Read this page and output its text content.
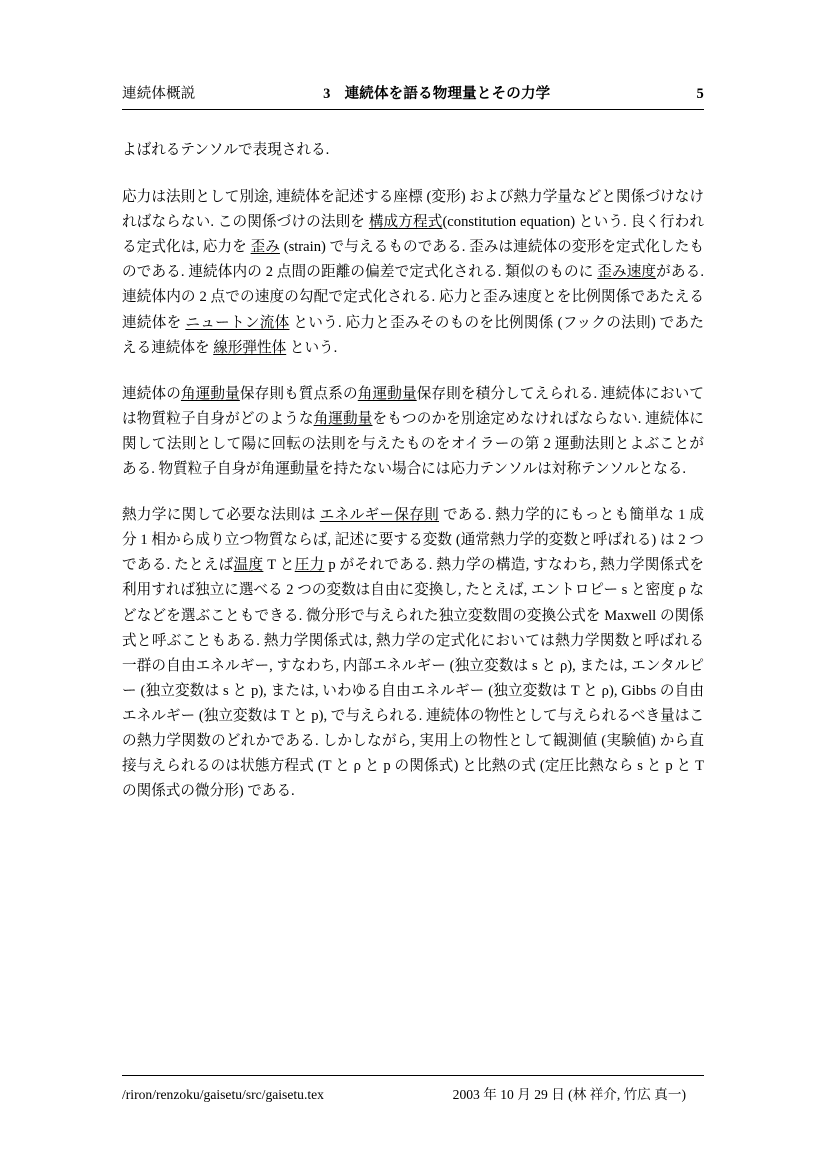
連続体概説	3 連続体を語る物理量とその力学	5

よばれるテンソルで表現される.

応力は法則として別途, 連続体を記述する座標 (変形) および熱力学量などと関係づけなければならない. この関係づけの法則を 構成方程式(constitution equation) という. 良く行われる定式化は, 応力を 歪み (strain) で与えるものである. 歪みは連続体の変形を定式化したものである. 連続体内の 2 点間の距離の偏差で定式化される. 類似のものに 歪み速度がある. 連続体内の 2 点での速度の勾配で定式化される. 応力と歪み速度とを比例関係であたえる連続体を ニュートン流体 という. 応力と歪みそのものを比例関係 (フックの法則) であたえる連続体を 線形弾性体 という.

連続体の角運動量保存則も質点系の角運動量保存則を積分してえられる. 連続体においては物質粒子自身がどのような角運動量をもつのかを別途定めなければならない. 連続体に関して法則として陽に回転の法則を与えたものをオイラーの第 2 運動法則とよぶことがある. 物質粒子自身が角運動量を持たない場合には応力テンソルは対称テンソルとなる.

熱力学に関して必要な法則は エネルギー保存則 である. 熱力学的にもっとも簡単な 1 成分 1 相から成り立つ物質ならば, 記述に要する変数 (通常熱力学的変数と呼ばれる) は 2 つである. たとえば温度 T と圧力 p がそれである. 熱力学の構造, すなわち, 熱力学関係式を利用すれば独立に選べる 2 つの変数は自由に変換し, たとえば, エントロピー s と密度 ρ などなどを選ぶこともできる. 微分形で与えられた独立変数間の変換公式を Maxwell の関係式と呼ぶこともある. 熱力学関係式は, 熱力学の定式化においては熱力学関数と呼ばれる一群の自由エネルギー, すなわち, 内部エネルギー (独立変数は s と ρ), または, エンタルピー (独立変数は s と p), または, いわゆる自由エネルギー (独立変数は T と ρ), Gibbs の自由エネルギー (独立変数は T と p), で与えられる. 連続体の物性として与えられるべき量はこの熱力学関数のどれかである. しかしながら, 実用上の物性として観測値 (実験値) から直接与えられるのは状態方程式 (T と ρ と p の関係式) と比熱の式 (定圧比熱なら s と p と T の関係式の微分形) である.

/riron/renzoku/gaisetu/src/gaisetu.tex	2003 年 10 月 29 日 (林 祥介, 竹広 真一)
